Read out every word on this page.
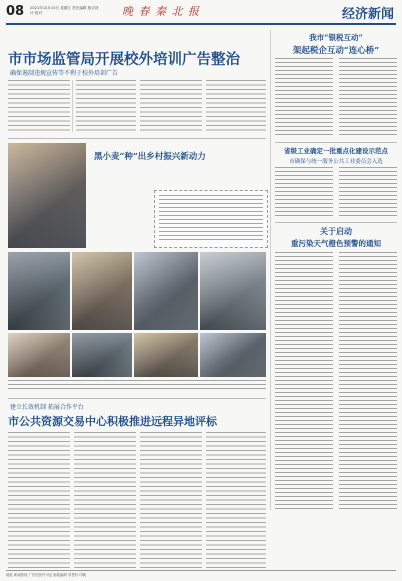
08 2021年10月15日 星期五 责任编辑 版式设计 校对	晚 春 秦 北 报	经济新闻
市市场监管局开展校外培训广告整治
确保遏制违规宣传等不利于校外培训广告
我市“银税互动”
架起税企互动“连心桥”
黑小麦“种”出乡村振兴新动力
省级工业确定一批重点化建设示范点
市确保与统一服务公共工业委员会入选
关于启动
重污染天气橙色预警的通知
建立长效机制 拓展合作平台
市公共资源交易中心积极推进远程异地评标
地址 新闻热线 广告经营许可证 邮政编码 零售价 印刷
